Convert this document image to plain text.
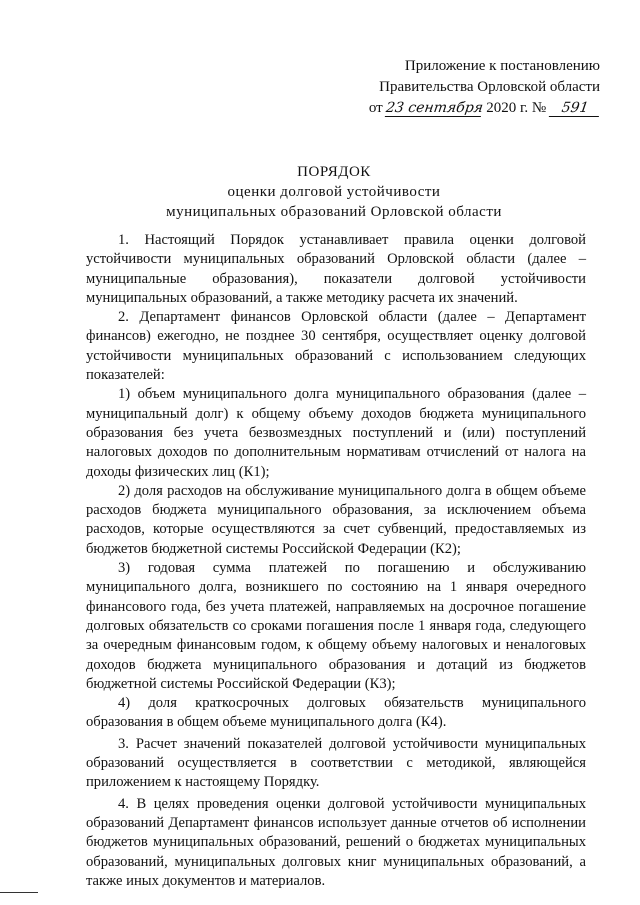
Приложение к постановлению
Правительства Орловской области
от 23 сентября 2020 г. № 591
ПОРЯДОК
оценки долговой устойчивости
муниципальных образований Орловской области

1. Настоящий Порядок устанавливает правила оценки долговой устойчивости муниципальных образований Орловской области (далее – муниципальные образования), показатели долговой устойчивости муниципальных образований, а также методику расчета их значений.

2. Департамент финансов Орловской области (далее – Департамент финансов) ежегодно, не позднее 30 сентября, осуществляет оценку долговой устойчивости муниципальных образований с использованием следующих показателей:

1) объем муниципального долга муниципального образования (далее – муниципальный долг) к общему объему доходов бюджета муниципального образования без учета безвозмездных поступлений и (или) поступлений налоговых доходов по дополнительным нормативам отчислений от налога на доходы физических лиц (К1);

2) доля расходов на обслуживание муниципального долга в общем объеме расходов бюджета муниципального образования, за исключением объема расходов, которые осуществляются за счет субвенций, предоставляемых из бюджетов бюджетной системы Российской Федерации (К2);

3) годовая сумма платежей по погашению и обслуживанию муниципального долга, возникшего по состоянию на 1 января очередного финансового года, без учета платежей, направляемых на досрочное погашение долговых обязательств со сроками погашения после 1 января года, следующего за очередным финансовым годом, к общему объему налоговых и неналоговых доходов бюджета муниципального образования и дотаций из бюджетов бюджетной системы Российской Федерации (К3);

4) доля краткосрочных долговых обязательств муниципального образования в общем объеме муниципального долга (К4).

3. Расчет значений показателей долговой устойчивости муниципальных образований осуществляется в соответствии с методикой, являющейся приложением к настоящему Порядку.

4. В целях проведения оценки долговой устойчивости муниципальных образований Департамент финансов использует данные отчетов об исполнении бюджетов муниципальных образований, решений о бюджетах муниципальных образований, муниципальных долговых книг муниципальных образований, а также иных документов и материалов.
